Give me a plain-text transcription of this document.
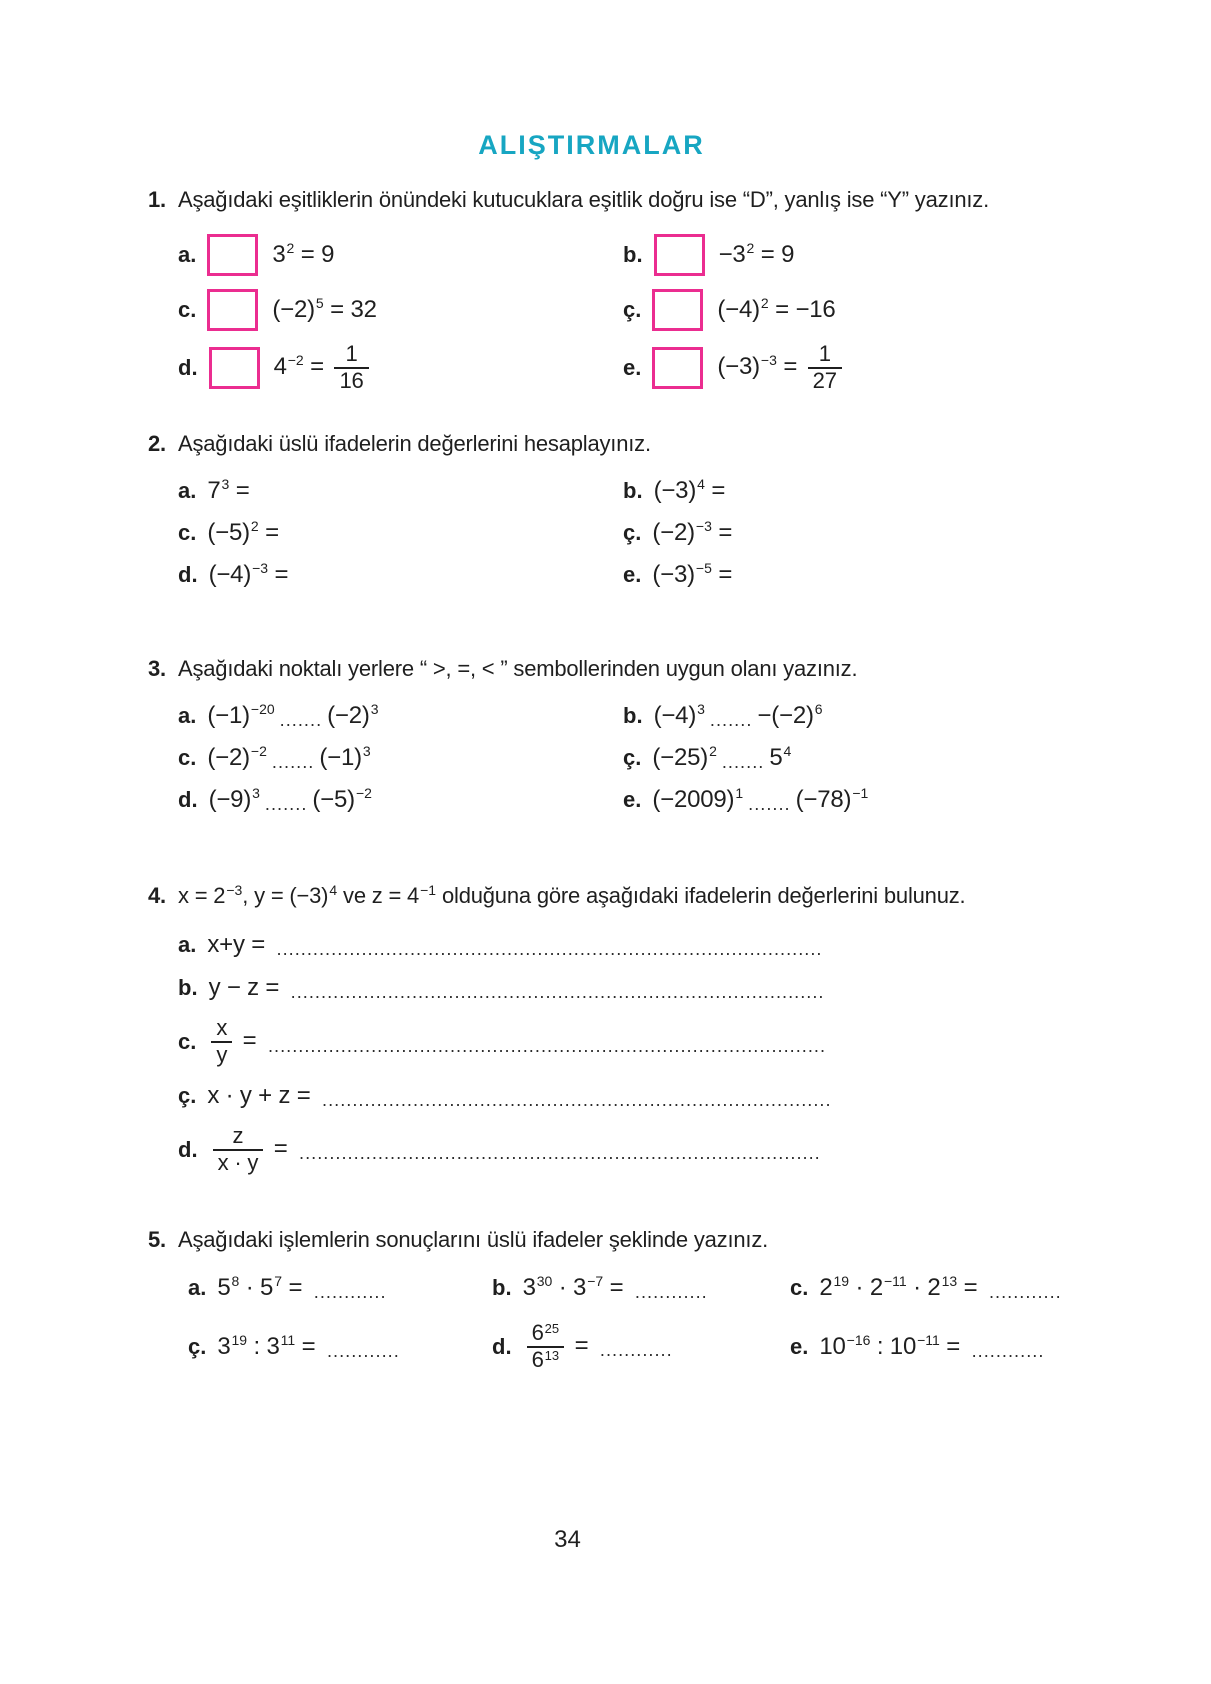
ALIŞTIRMALAR
1. Aşağıdaki eşitliklerin önündeki kutucuklara eşitlik doğru ise “D”, yanlış ise “Y” yazınız.
a.	32 = 9	b.	−32 = 9
c.	(−2)5 = 32	ç.	(−4)2 = −16
d.	$4-2 = \frac{1}{16}$	e.	$(-3)-3 = \frac{1}{27}$
2. Aşağıdaki üslü ifadelerin değerlerini hesaplayınız.
a. 73 =	b. (−3)4 =
c. (−5)2 =	ç. (−2)−3 =
d. (−4)−3 =	e. (−3)−5 =
3. Aşağıdaki noktalı yerlere “ >, =, < ” sembollerinden uygun olanı yazınız.
a. (−1)−20 ....... (−2)3	b. (−4)3 ....... −(−2)6
c. (−2)−2 ....... (−1)3	ç. (−25)2 ....... 54
d. (−9)3 ....... (−5)−2	e. (−2009)1 ....... (−78)−1
4. x = 2−3, y = (−3)4 ve z = 4−1 olduğuna göre aşağıdaki ifadelerin değerlerini bulunuz.
a. x+y = ..........................................................................................
b. y − z = ........................................................................................
c. $\frac{x}{y}$ = ............................................................................................
ç. x · y + z = ....................................................................................
d. $\frac{z}{x \cdot y}$ = ......................................................................................
5. Aşağıdaki işlemlerin sonuçlarını üslü ifadeler şeklinde yazınız.
a. 58 · 57 = ............	b. 330 · 3−7 = ............	c. 219 · 2−11 · 213 = ............
ç. 319 : 311 = ............	d. $\frac{625}{613}$ = ............	e. 10−16 : 10−11 = ............
34
